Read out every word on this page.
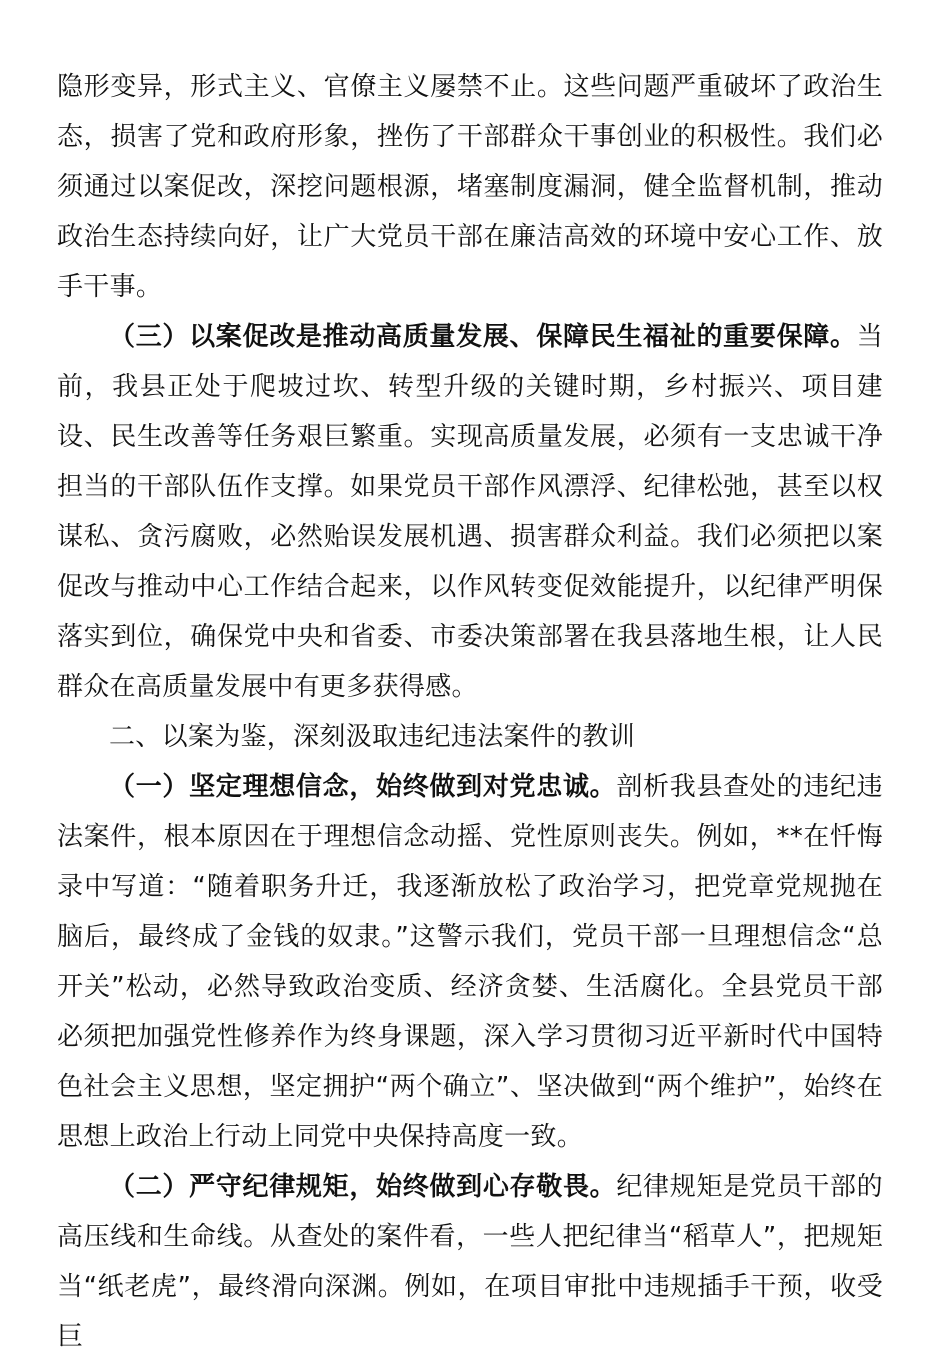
隐形变异，形式主义、官僚主义屡禁不止。这些问题严重破坏了政治生态，损害了党和政府形象，挫伤了干部群众干事创业的积极性。我们必须通过以案促改，深挖问题根源，堵塞制度漏洞，健全监督机制，推动政治生态持续向好，让广大党员干部在廉洁高效的环境中安心工作、放手干事。

（三）以案促改是推动高质量发展、保障民生福祉的重要保障。当前，我县正处于爬坡过坎、转型升级的关键时期，乡村振兴、项目建设、民生改善等任务艰巨繁重。实现高质量发展，必须有一支忠诚干净担当的干部队伍作支撑。如果党员干部作风漂浮、纪律松弛，甚至以权谋私、贪污腐败，必然贻误发展机遇、损害群众利益。我们必须把以案促改与推动中心工作结合起来，以作风转变促效能提升，以纪律严明保落实到位，确保党中央和省委、市委决策部署在我县落地生根，让人民群众在高质量发展中有更多获得感。

二、以案为鉴，深刻汲取违纪违法案件的教训

（一）坚定理想信念，始终做到对党忠诚。剖析我县查处的违纪违法案件，根本原因在于理想信念动摇、党性原则丧失。例如，**在忏悔录中写道：“随着职务升迁，我逐渐放松了政治学习，把党章党规抛在脑后，最终成了金钱的奴隶。”这警示我们，党员干部一旦理想信念“总开关”松动，必然导致政治变质、经济贪婪、生活腐化。全县党员干部必须把加强党性修养作为终身课题，深入学习贯彻习近平新时代中国特色社会主义思想，坚定拥护“两个确立”、坚决做到“两个维护”，始终在思想上政治上行动上同党中央保持高度一致。

（二）严守纪律规矩，始终做到心存敬畏。纪律规矩是党员干部的高压线和生命线。从查处的案件看，一些人把纪律当“稻草人”，把规矩当“纸老虎”，最终滑向深渊。例如，在项目审批中违规插手干预，收受巨
